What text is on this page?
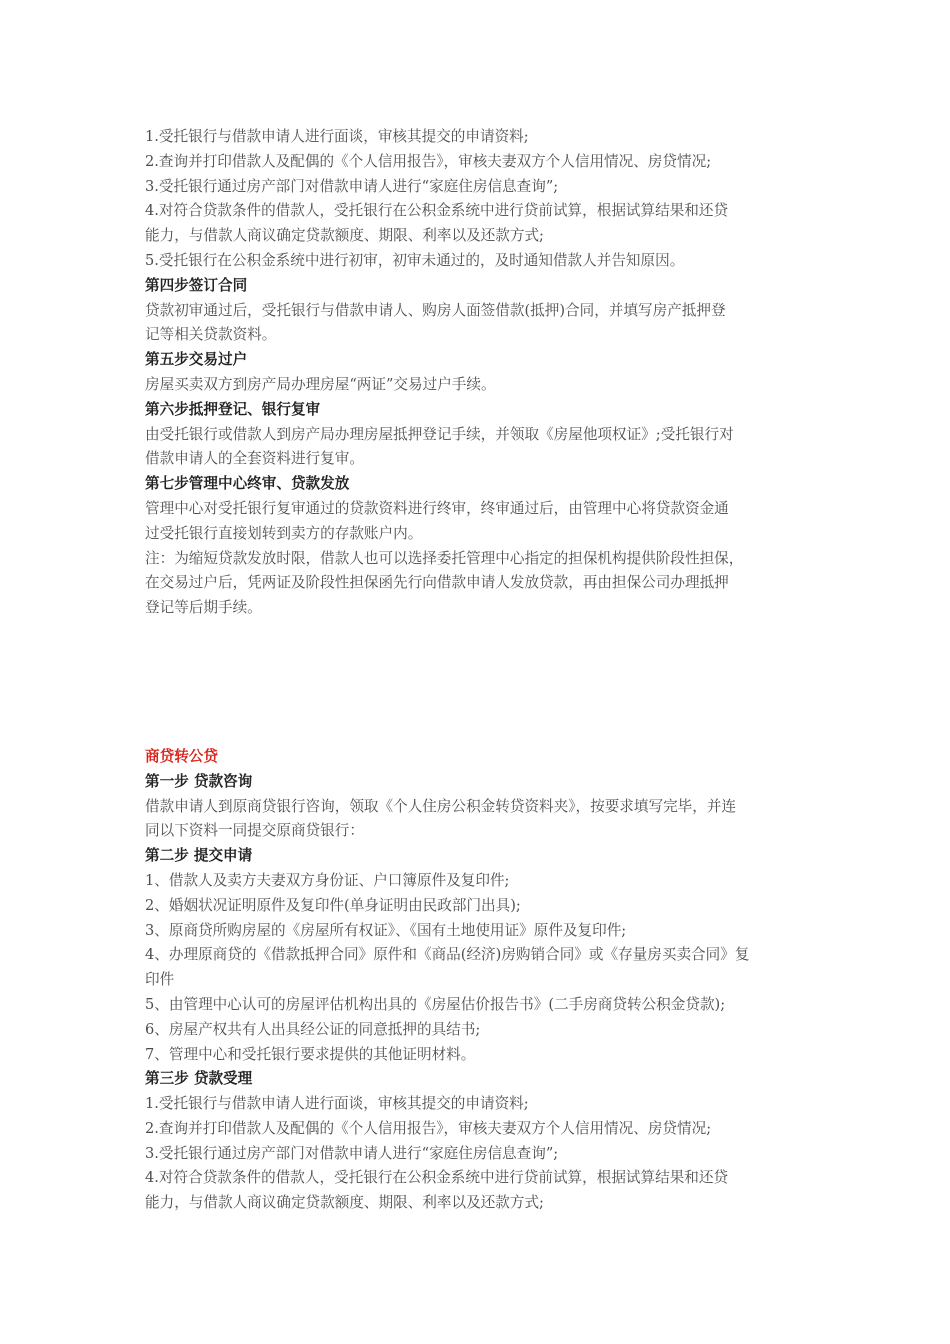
1.受托银行与借款申请人进行面谈，审核其提交的申请资料;
2.查询并打印借款人及配偶的《个人信用报告》，审核夫妻双方个人信用情况、房贷情况;
3.受托银行通过房产部门对借款申请人进行“家庭住房信息查询”;
4.对符合贷款条件的借款人，受托银行在公积金系统中进行贷前试算，根据试算结果和还贷
能力，与借款人商议确定贷款额度、期限、利率以及还款方式;
5.受托银行在公积金系统中进行初审，初审未通过的，及时通知借款人并告知原因。
第四步签订合同
贷款初审通过后，受托银行与借款申请人、购房人面签借款(抵押)合同，并填写房产抵押登
记等相关贷款资料。
第五步交易过户
房屋买卖双方到房产局办理房屋“两证”交易过户手续。
第六步抵押登记、银行复审
由受托银行或借款人到房产局办理房屋抵押登记手续，并领取《房屋他项权证》;受托银行对
借款申请人的全套资料进行复审。
第七步管理中心终审、贷款发放
管理中心对受托银行复审通过的贷款资料进行终审，终审通过后，由管理中心将贷款资金通
过受托银行直接划转到卖方的存款账户内。
注：为缩短贷款发放时限，借款人也可以选择委托管理中心指定的担保机构提供阶段性担保，
在交易过户后，凭两证及阶段性担保函先行向借款申请人发放贷款，再由担保公司办理抵押
登记等后期手续。
商贷转公贷
第一步 贷款咨询
借款申请人到原商贷银行咨询，领取《个人住房公积金转贷资料夹》，按要求填写完毕，并连
同以下资料一同提交原商贷银行：
第二步 提交申请
1、借款人及卖方夫妻双方身份证、户口簿原件及复印件;
2、婚姻状况证明原件及复印件(单身证明由民政部门出具);
3、原商贷所购房屋的《房屋所有权证》、《国有土地使用证》原件及复印件;
4、办理原商贷的《借款抵押合同》原件和《商品(经济)房购销合同》或《存量房买卖合同》复
印件
5、由管理中心认可的房屋评估机构出具的《房屋估价报告书》(二手房商贷转公积金贷款);
6、房屋产权共有人出具经公证的同意抵押的具结书;
7、管理中心和受托银行要求提供的其他证明材料。
第三步 贷款受理
1.受托银行与借款申请人进行面谈，审核其提交的申请资料;
2.查询并打印借款人及配偶的《个人信用报告》，审核夫妻双方个人信用情况、房贷情况;
3.受托银行通过房产部门对借款申请人进行“家庭住房信息查询”;
4.对符合贷款条件的借款人，受托银行在公积金系统中进行贷前试算，根据试算结果和还贷
能力，与借款人商议确定贷款额度、期限、利率以及还款方式;
